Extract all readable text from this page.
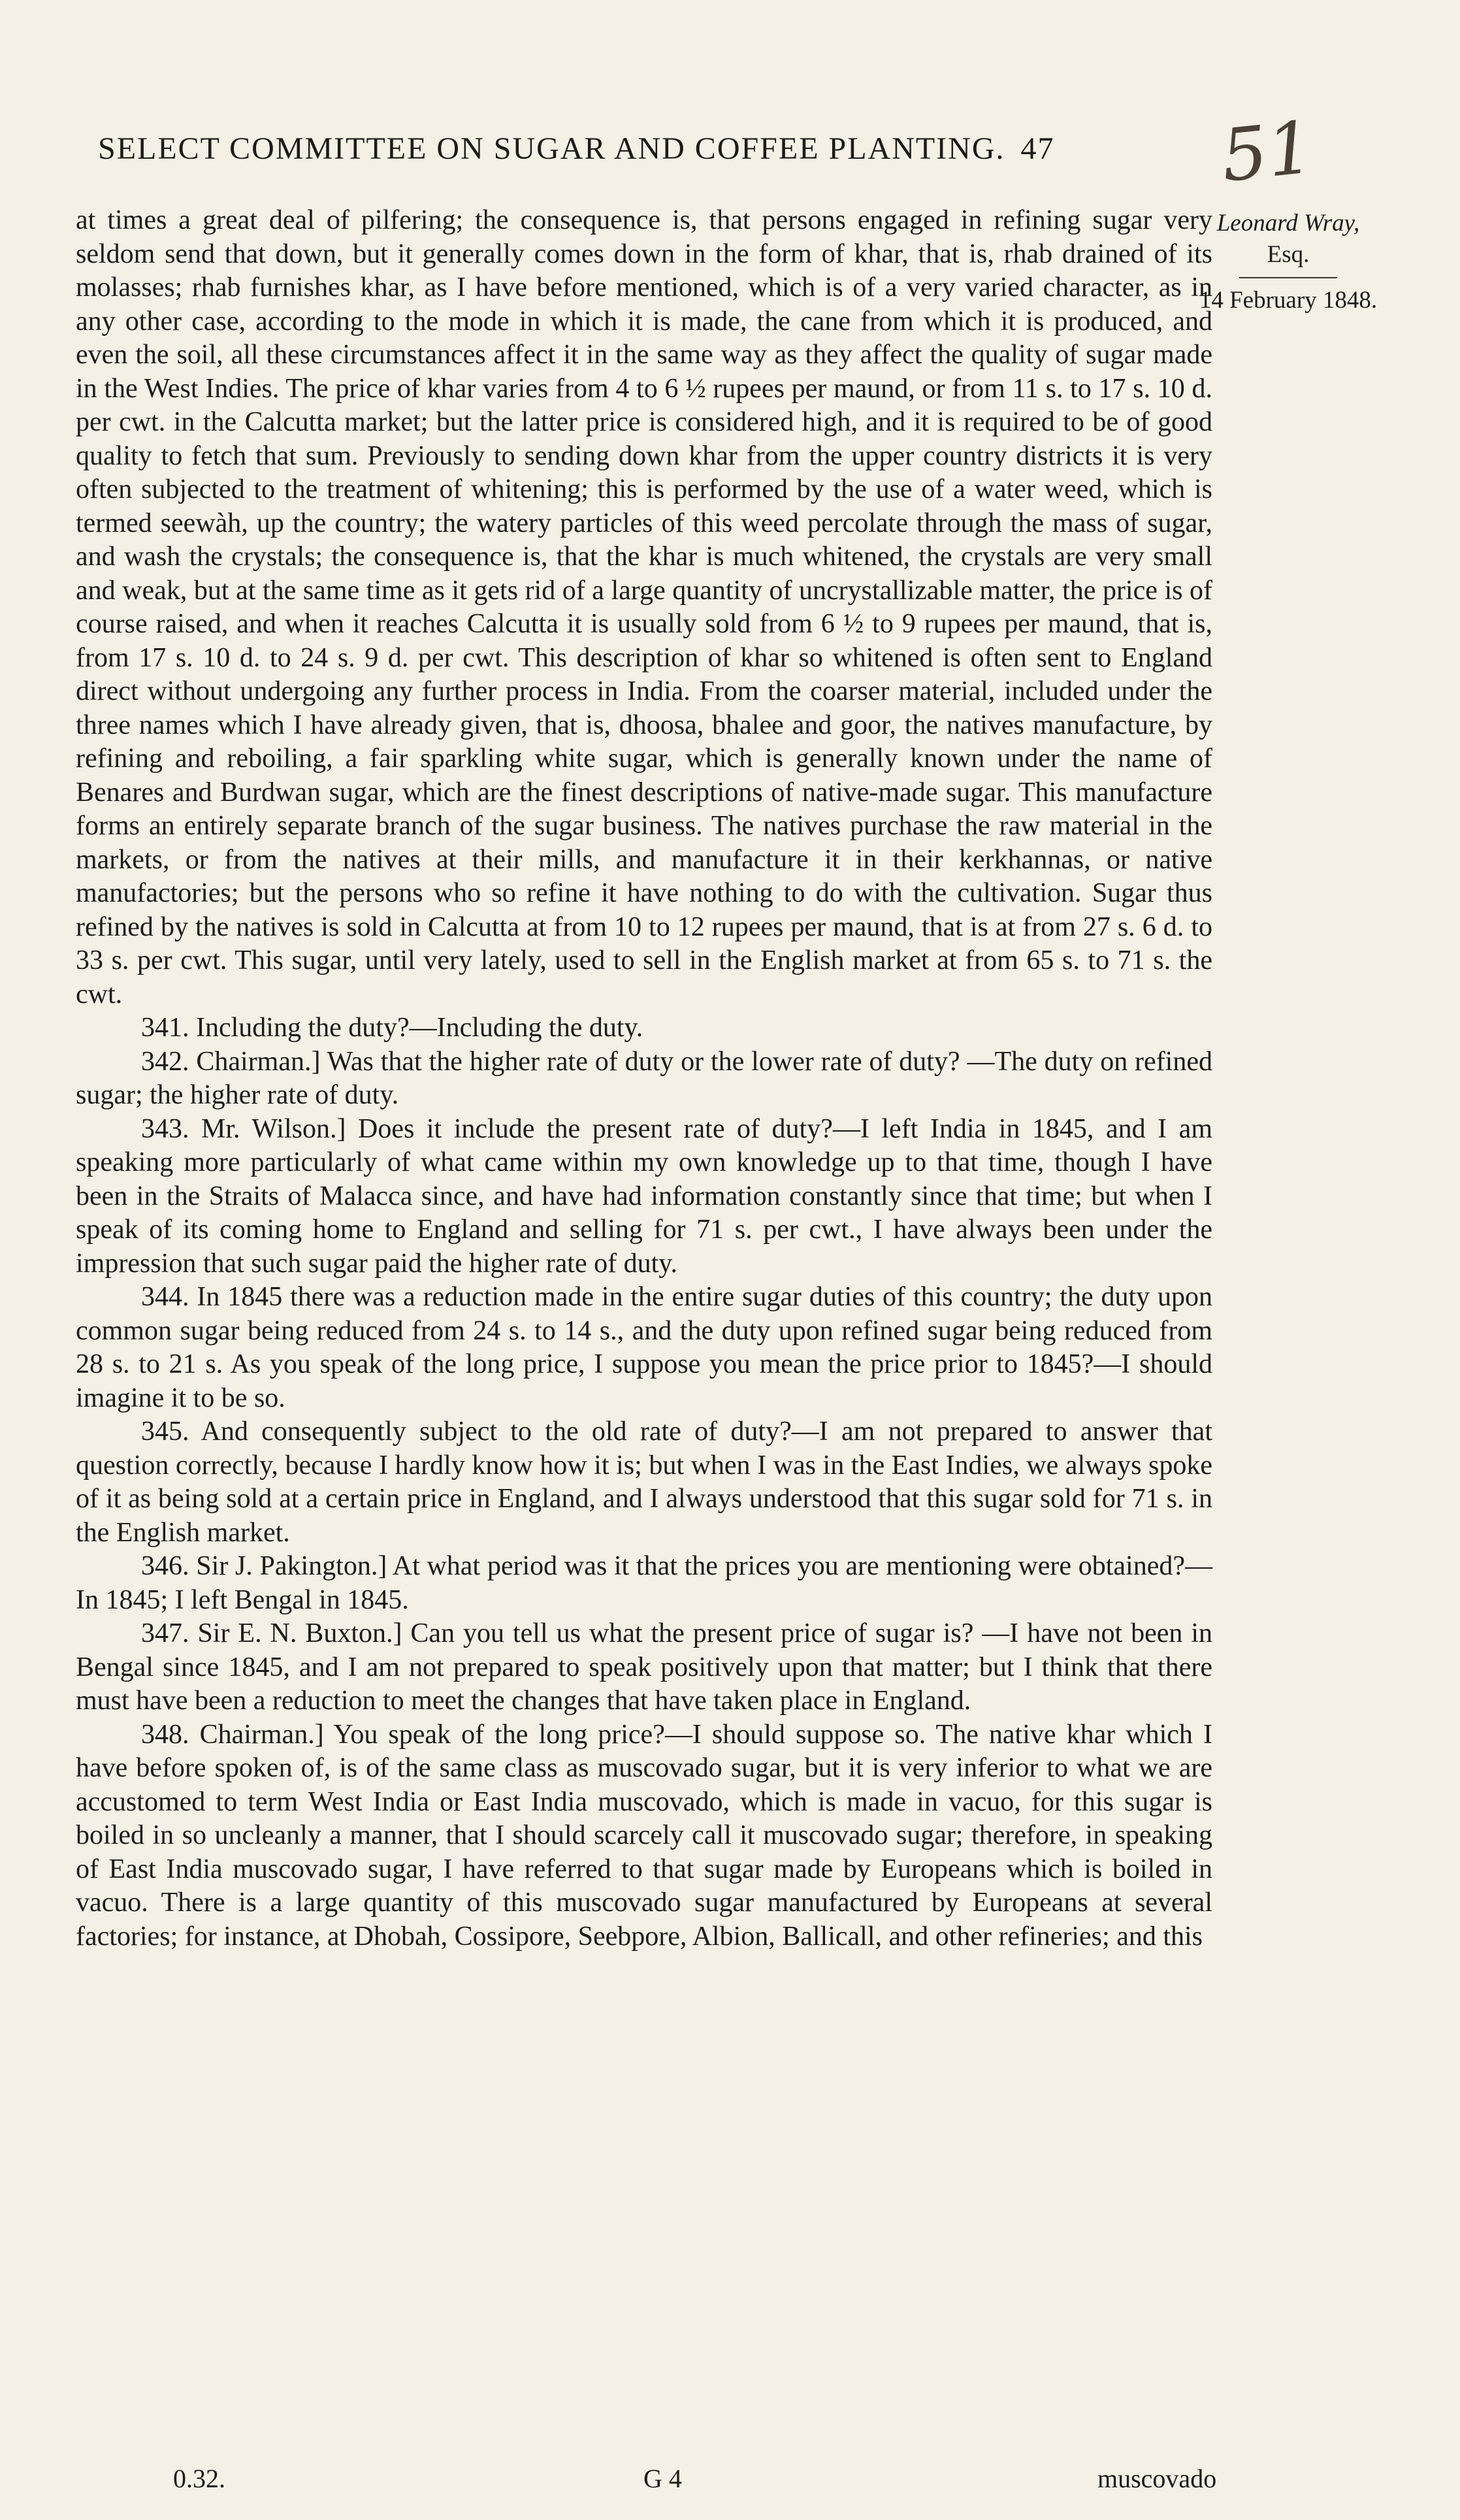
SELECT COMMITTEE ON SUGAR AND COFFEE PLANTING. 47	51
Leonard Wray,
Esq.
14 February 1848.

at times a great deal of pilfering; the consequence is, that persons engaged in refining sugar very seldom send that down, but it generally comes down in the form of khar, that is, rhab drained of its molasses; rhab furnishes khar, as I have before mentioned, which is of a very varied character, as in any other case, according to the mode in which it is made, the cane from which it is produced, and even the soil, all these circumstances affect it in the same way as they affect the quality of sugar made in the West Indies. The price of khar varies from 4 to 6 ½ rupees per maund, or from 11 s. to 17 s. 10 d. per cwt. in the Calcutta market; but the latter price is considered high, and it is required to be of good quality to fetch that sum. Previously to sending down khar from the upper country districts it is very often subjected to the treatment of whitening; this is performed by the use of a water weed, which is termed seewàh, up the country; the watery particles of this weed percolate through the mass of sugar, and wash the crystals; the consequence is, that the khar is much whitened, the crystals are very small and weak, but at the same time as it gets rid of a large quantity of uncrystallizable matter, the price is of course raised, and when it reaches Calcutta it is usually sold from 6 ½ to 9 rupees per maund, that is, from 17 s. 10 d. to 24 s. 9 d. per cwt. This description of khar so whitened is often sent to England direct without undergoing any further process in India. From the coarser material, included under the three names which I have already given, that is, dhoosa, bhalee and goor, the natives manufacture, by refining and reboiling, a fair sparkling white sugar, which is generally known under the name of Benares and Burdwan sugar, which are the finest descriptions of native-made sugar. This manufacture forms an entirely separate branch of the sugar business. The natives purchase the raw material in the markets, or from the natives at their mills, and manufacture it in their kerkhannas, or native manufactories; but the persons who so refine it have nothing to do with the cultivation. Sugar thus refined by the natives is sold in Calcutta at from 10 to 12 rupees per maund, that is at from 27 s. 6 d. to 33 s. per cwt. This sugar, until very lately, used to sell in the English market at from 65 s. to 71 s. the cwt.

341. Including the duty?—Including the duty.

342. Chairman.] Was that the higher rate of duty or the lower rate of duty? —The duty on refined sugar; the higher rate of duty.

343. Mr. Wilson.] Does it include the present rate of duty?—I left India in 1845, and I am speaking more particularly of what came within my own knowledge up to that time, though I have been in the Straits of Malacca since, and have had information constantly since that time; but when I speak of its coming home to England and selling for 71 s. per cwt., I have always been under the impression that such sugar paid the higher rate of duty.

344. In 1845 there was a reduction made in the entire sugar duties of this country; the duty upon common sugar being reduced from 24 s. to 14 s., and the duty upon refined sugar being reduced from 28 s. to 21 s. As you speak of the long price, I suppose you mean the price prior to 1845?—I should imagine it to be so.

345. And consequently subject to the old rate of duty?—I am not prepared to answer that question correctly, because I hardly know how it is; but when I was in the East Indies, we always spoke of it as being sold at a certain price in England, and I always understood that this sugar sold for 71 s. in the English market.

346. Sir J. Pakington.] At what period was it that the prices you are mentioning were obtained?—In 1845; I left Bengal in 1845.

347. Sir E. N. Buxton.] Can you tell us what the present price of sugar is? —I have not been in Bengal since 1845, and I am not prepared to speak positively upon that matter; but I think that there must have been a reduction to meet the changes that have taken place in England.

348. Chairman.] You speak of the long price?—I should suppose so. The native khar which I have before spoken of, is of the same class as muscovado sugar, but it is very inferior to what we are accustomed to term West India or East India muscovado, which is made in vacuo, for this sugar is boiled in so uncleanly a manner, that I should scarcely call it muscovado sugar; therefore, in speaking of East India muscovado sugar, I have referred to that sugar made by Europeans which is boiled in vacuo. There is a large quantity of this muscovado sugar manufactured by Europeans at several factories; for instance, at Dhobah, Cossipore, Seebpore, Albion, Ballicall, and other refineries; and this

0.32.	G 4	muscovado
